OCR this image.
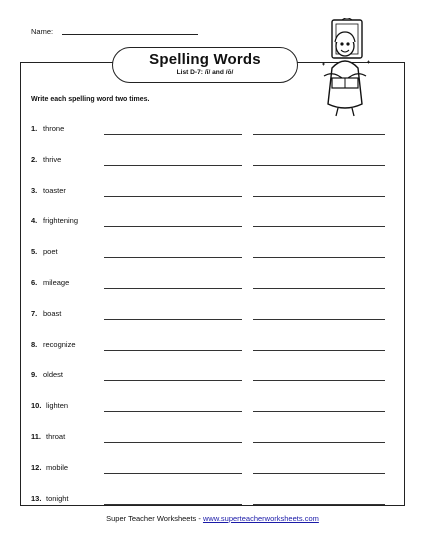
Name:
Spelling Words
List D-7: /ī/ and /ō/
Write each spelling word two times.
1. throne
2. thrive
3. toaster
4. frightening
5. poet
6. mileage
7. boast
8. recognize
9. oldest
10. lighten
11. throat
12. mobile
13. tonight
Super Teacher Worksheets - www.superteacherworksheets.com
